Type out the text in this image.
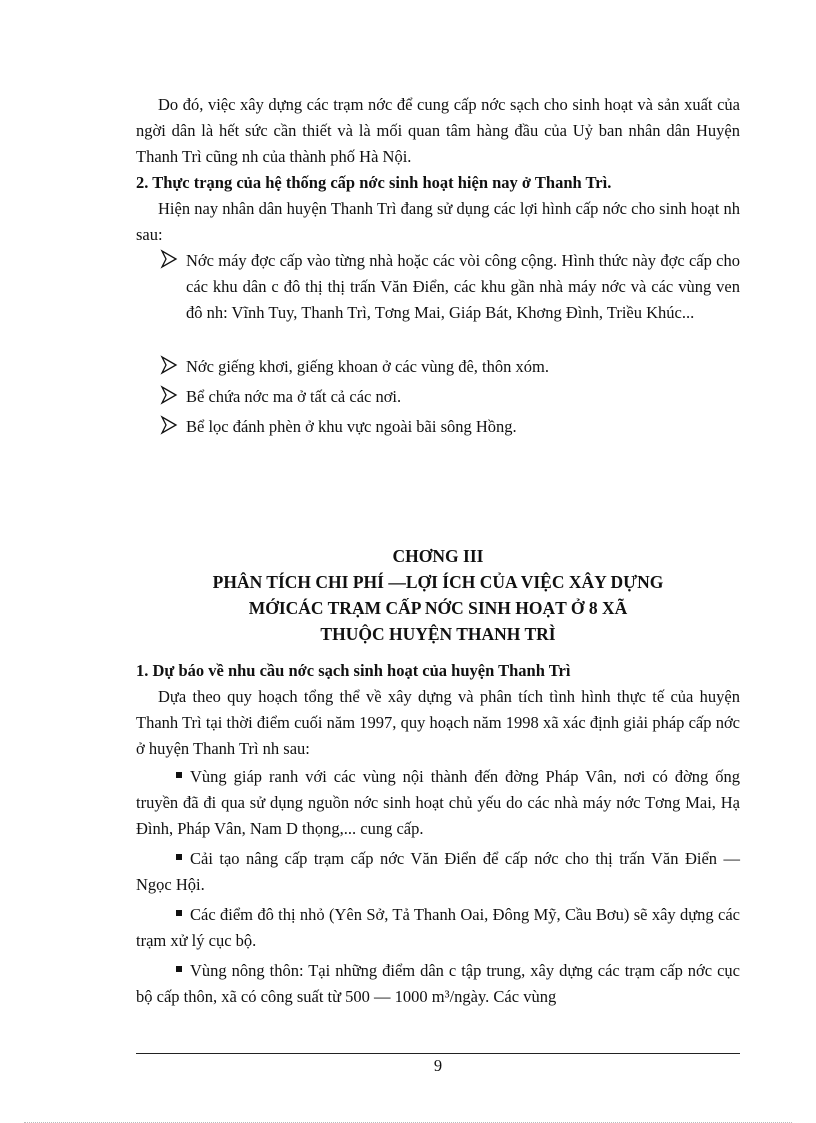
Do đó, việc xây dựng các trạm nớc để cung cấp nớc sạch cho sinh hoạt và sản xuất của ngời dân là hết sức cần thiết và là mối quan tâm hàng đầu của Uỷ ban nhân dân Huyện Thanh Trì cũng nh của thành phố Hà Nội.

2. Thực trạng của hệ thống cấp nớc sinh hoạt hiện nay ở Thanh Trì.

Hiện nay nhân dân huyện Thanh Trì đang sử dụng các lợi hình cấp nớc cho sinh hoạt nh sau:

Nớc máy đợc cấp vào từng nhà hoặc các vòi công cộng. Hình thức này đợc cấp cho các khu dân c đô thị thị trấn Văn Điển, các khu gần nhà máy nớc và các vùng ven đô nh: Vĩnh Tuy, Thanh Trì, Tơng Mai, Giáp Bát, Khơng Đình, Triều Khúc...
Nớc giếng khơi, giếng khoan ở các vùng đê, thôn xóm.
Bể chứa nớc ma ở tất cả các nơi.
Bể lọc đánh phèn ở khu vực ngoài bãi sông Hồng.
CHƠNG III
PHÂN TÍCH CHI PHÍ —LỢI ÍCH CỦA VIỆC XÂY DỰNG
MỚICÁC TRẠM CẤP NỚC SINH HOẠT Ở 8 XÃ
THUỘC HUYỆN THANH TRÌ
1. Dự báo về nhu cầu nớc sạch sinh hoạt của huyện Thanh Trì

Dựa theo quy hoạch tổng thể về xây dựng và phân tích tình hình thực tế của huyện Thanh Trì tại thời điểm cuối năm 1997, quy hoạch năm 1998 xã xác định giải pháp cấp nớc ở huyện Thanh Trì nh sau:

Vùng giáp ranh với các vùng nội thành đến đờng Pháp Vân, nơi có đờng ống truyền đã đi qua sử dụng nguồn nớc sinh hoạt chủ yếu do các nhà máy nớc Tơng Mai, Hạ Đình, Pháp Vân, Nam D thọng,... cung cấp.
Cải tạo nâng cấp trạm cấp nớc Văn Điển để cấp nớc cho thị trấn Văn Điển — Ngọc Hội.
Các điểm đô thị nhỏ (Yên Sở, Tả Thanh Oai, Đông Mỹ, Cầu Bơu) sẽ xây dựng các trạm xử lý cục bộ.
Vùng nông thôn: Tại những điểm dân c tập trung, xây dựng các trạm cấp nớc cục bộ cấp thôn, xã có công suất từ 500 — 1000 m³/ngày. Các vùng
9
